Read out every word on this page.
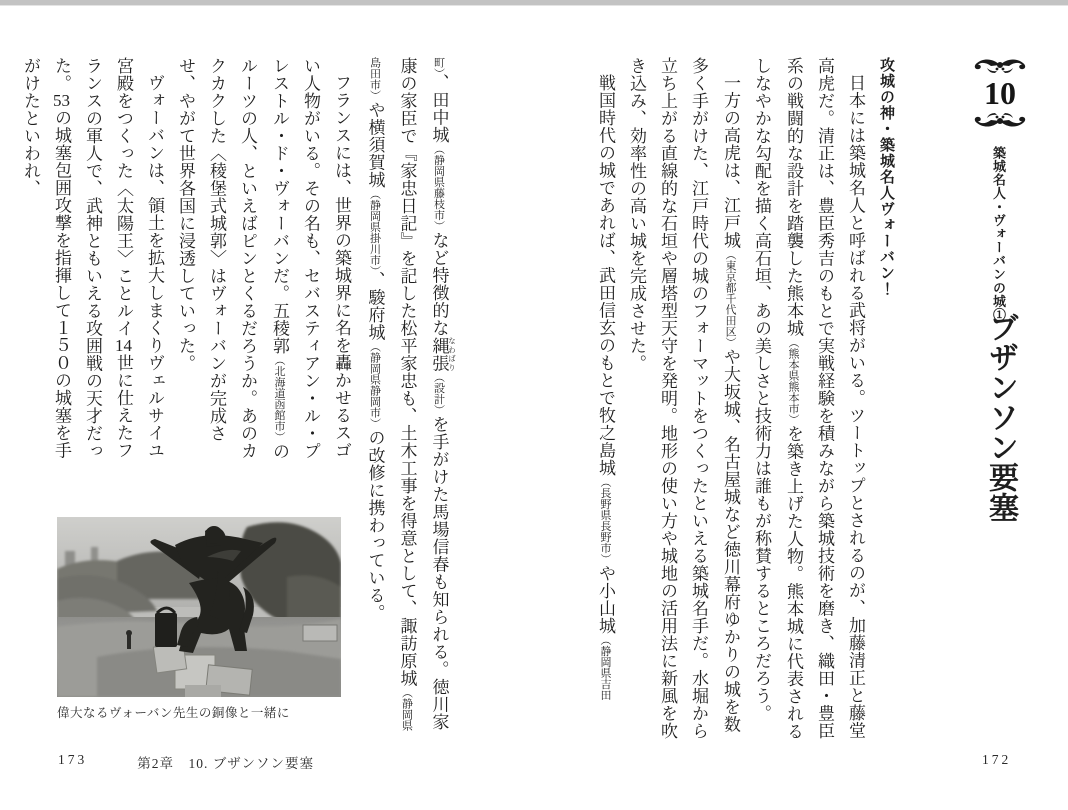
10
築城名人・ヴォーバンの城①
ブザンソン要塞
攻城の神・築城名人ヴォーバン！

日本には築城名人と呼ばれる武将がいる。ツートップとされるのが、加藤清正と藤堂高虎だ。清正は、豊臣秀吉のもとで実戦経験を積みながら築城技術を磨き、織田・豊臣系の戦闘的な設計を踏襲した熊本城（熊本県熊本市）を築き上げた人物。熊本城に代表されるしなやかな勾配を描く高石垣、あの美しさと技術力は誰もが称賛するところだろう。

一方の高虎は、江戸城（東京都千代田区）や大坂城、名古屋城など徳川幕府ゆかりの城を数多く手がけた、江戸時代の城のフォーマットをつくったといえる築城名手だ。水堀から立ち上がる直線的な石垣や層塔型天守を発明。地形の使い方や城地の活用法に新風を吹き込み、効率性の高い城を完成させた。

戦国時代の城であれば、武田信玄のもとで牧之島城（長野県長野市）や小山城（静岡県吉田

172

町）、田中城（静岡県藤枝市）など特徴的な縄張 なわばり（設計）を手がけた馬場信春も知られる。徳川家康の家臣で『家忠日記』を記した松平家忠も、土木工事を得意として、諏訪原城（静岡県島田市）や横須賀城（静岡県掛川市）、駿府城（静岡県静岡市）の改修に携わっている。

フランスには、世界の築城界に名を轟かせるスゴい人物がいる。その名も、セバスティアン・ル・プレストル・ド・ヴォーバンだ。五稜郭（北海道函館市）のルーツの人、といえばピンとくるだろうか。あのカクカクした〈稜堡式城郭〉はヴォーバンが完成させ、やがて世界各国に浸透していった。

ヴォーバンは、領土を拡大しまくりヴェルサイユ宮殿をつくった〈太陽王〉ことルイ14世に仕えたフランスの軍人で、武神ともいえる攻囲戦の天才だった。53の城塞包囲攻撃を指揮して１５０の城塞を手がけたといわれ、

偉大なるヴォーバン先生の銅像と一緒に
173	第2章　10. ブザンソン要塞
